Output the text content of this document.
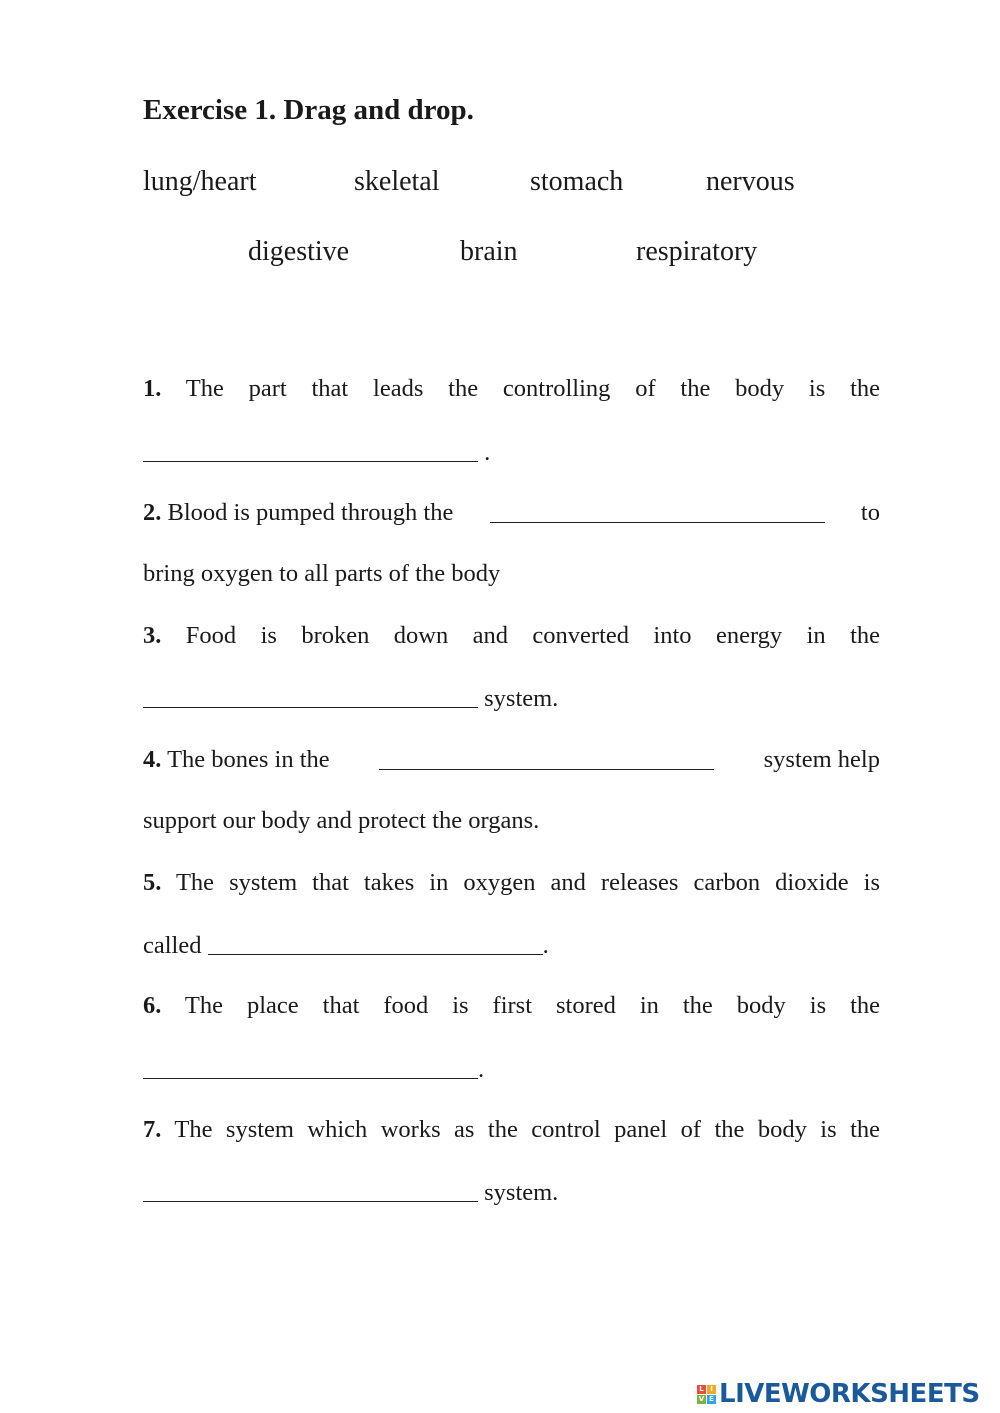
Exercise 1. Drag and drop.
lung/heart	skeletal	stomach	nervous
digestive	brain	respiratory
1. The part that leads the controlling of the body is the
.
2. Blood is pumped through the	to
bring oxygen to all parts of the body
3. Food is broken down and converted into energy in the
system.
4. The bones in the	system help
support our body and protect the organs.
5. The system that takes in oxygen and releases carbon dioxide is
called	.
6. The place that food is first stored in the body is the
.
7. The system which works as the control panel of the body is the
system.
L I
V E LIVEWORKSHEETS
